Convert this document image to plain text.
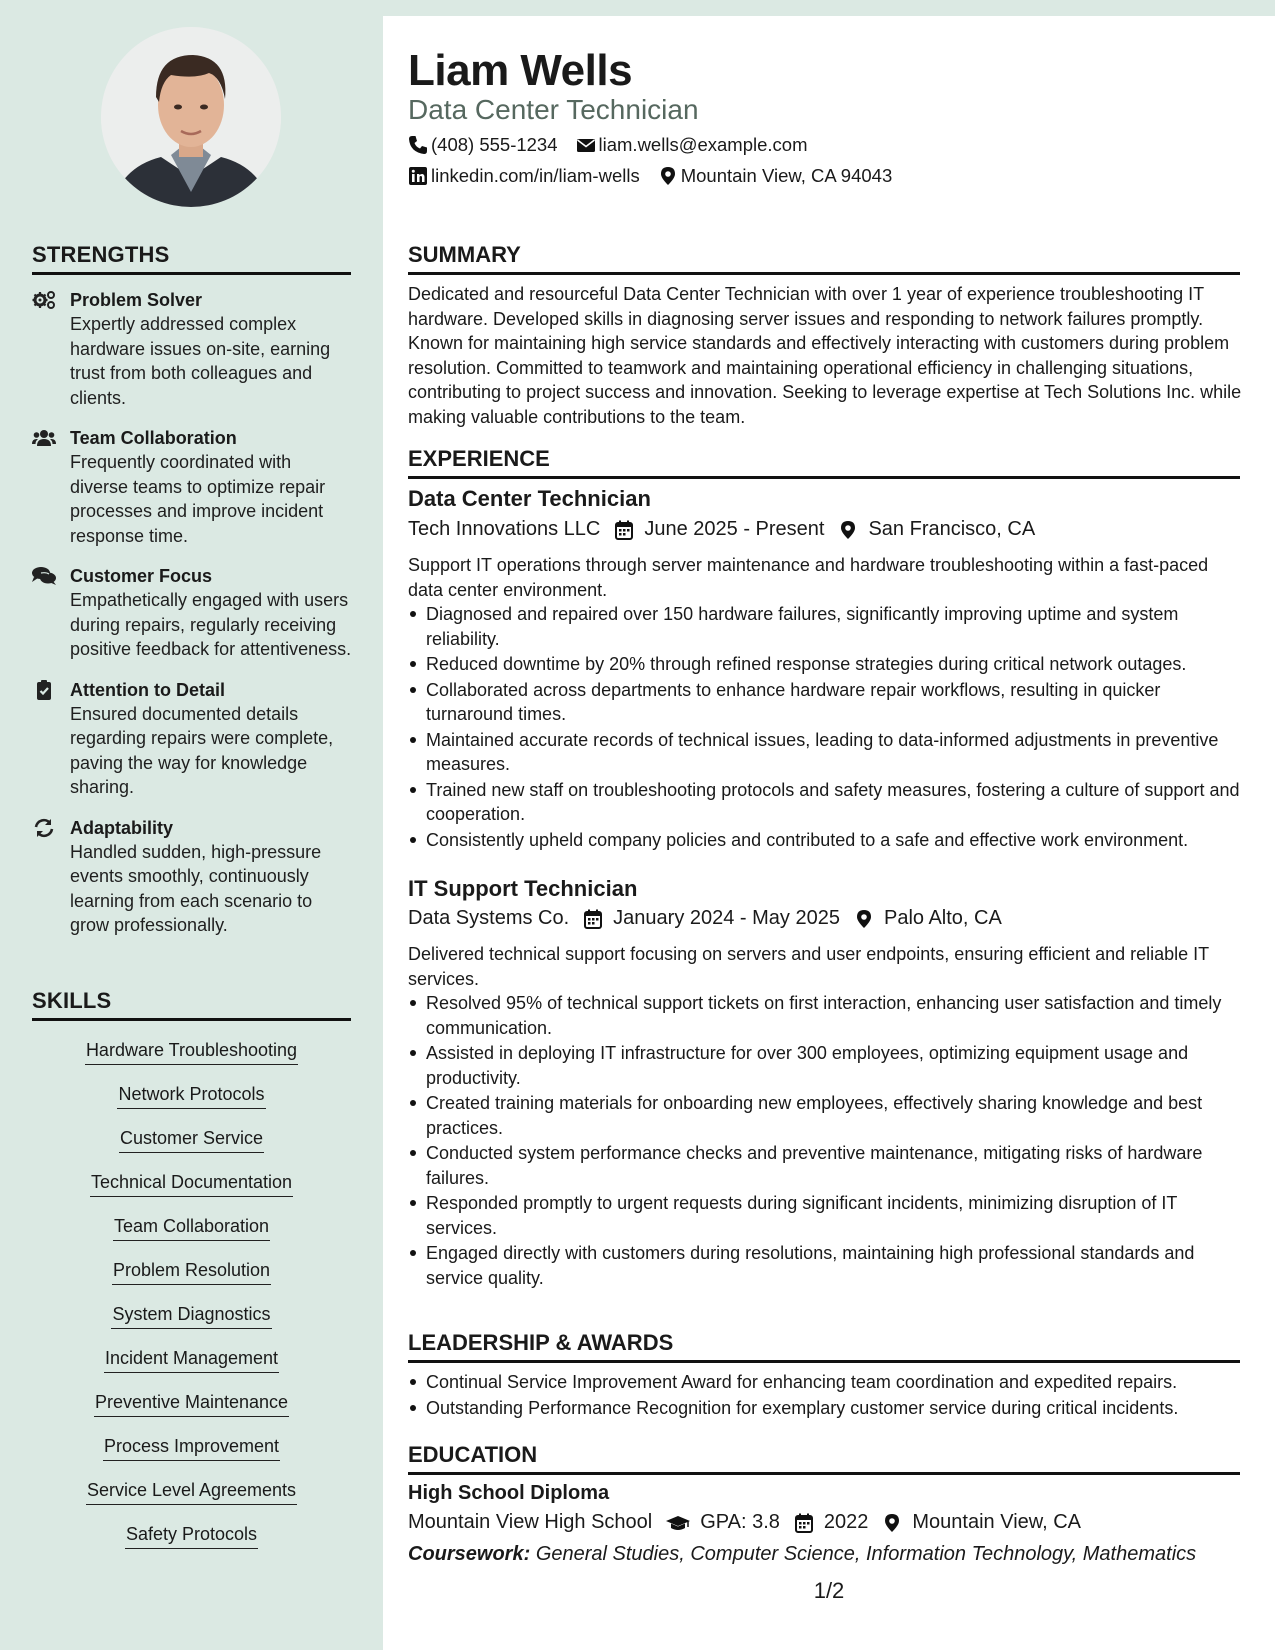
STRENGTHS
Problem Solver
Expertly addressed complex hardware issues on-site, earning trust from both colleagues and clients.
Team Collaboration
Frequently coordinated with diverse teams to optimize repair processes and improve incident response time.
Customer Focus
Empathetically engaged with users during repairs, regularly receiving positive feedback for attentiveness.
Attention to Detail
Ensured documented details regarding repairs were complete, paving the way for knowledge sharing.
Adaptability
Handled sudden, high-pressure events smoothly, continuously learning from each scenario to grow professionally.
SKILLS
Hardware Troubleshooting
Network Protocols
Customer Service
Technical Documentation
Team Collaboration
Problem Resolution
System Diagnostics
Incident Management
Preventive Maintenance
Process Improvement
Service Level Agreements
Safety Protocols
Liam Wells
Data Center Technician
(408) 555-1234 liam.wells@example.com
linkedin.com/in/liam-wells Mountain View, CA 94043
SUMMARY
Dedicated and resourceful Data Center Technician with over 1 year of experience troubleshooting IT hardware. Developed skills in diagnosing server issues and responding to network failures promptly. Known for maintaining high service standards and effectively interacting with customers during problem resolution. Committed to teamwork and maintaining operational efficiency in challenging situations, contributing to project success and innovation. Seeking to leverage expertise at Tech Solutions Inc. while making valuable contributions to the team.
EXPERIENCE
Data Center Technician
Tech Innovations LLC June 2025 - Present San Francisco, CA
Support IT operations through server maintenance and hardware troubleshooting within a fast-paced data center environment.
Diagnosed and repaired over 150 hardware failures, significantly improving uptime and system reliability.
Reduced downtime by 20% through refined response strategies during critical network outages.
Collaborated across departments to enhance hardware repair workflows, resulting in quicker turnaround times.
Maintained accurate records of technical issues, leading to data-informed adjustments in preventive measures.
Trained new staff on troubleshooting protocols and safety measures, fostering a culture of support and cooperation.
Consistently upheld company policies and contributed to a safe and effective work environment.
IT Support Technician
Data Systems Co. January 2024 - May 2025 Palo Alto, CA
Delivered technical support focusing on servers and user endpoints, ensuring efficient and reliable IT services.
Resolved 95% of technical support tickets on first interaction, enhancing user satisfaction and timely communication.
Assisted in deploying IT infrastructure for over 300 employees, optimizing equipment usage and productivity.
Created training materials for onboarding new employees, effectively sharing knowledge and best practices.
Conducted system performance checks and preventive maintenance, mitigating risks of hardware failures.
Responded promptly to urgent requests during significant incidents, minimizing disruption of IT services.
Engaged directly with customers during resolutions, maintaining high professional standards and service quality.
LEADERSHIP & AWARDS
Continual Service Improvement Award for enhancing team coordination and expedited repairs.
Outstanding Performance Recognition for exemplary customer service during critical incidents.
EDUCATION
High School Diploma
Mountain View High School GPA: 3.8 2022 Mountain View, CA
Coursework: General Studies, Computer Science, Information Technology, Mathematics
1/2
